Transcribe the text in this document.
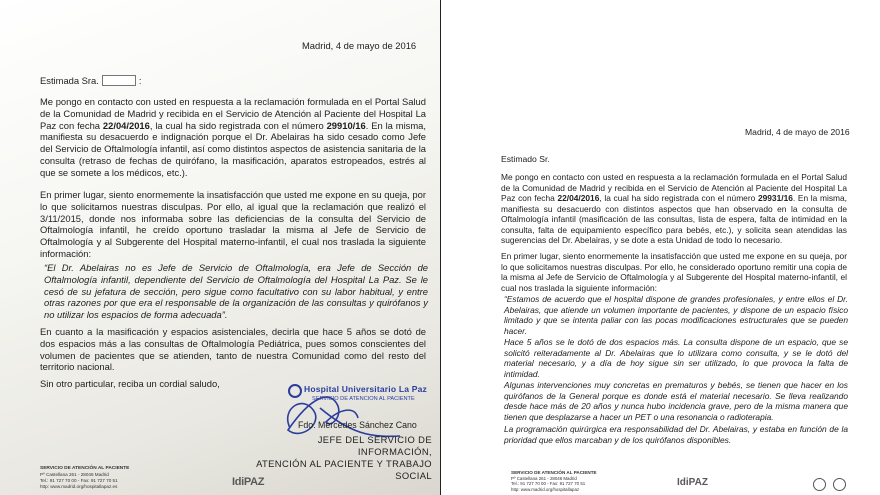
Madrid, 4 de mayo de 2016
Estimada Sra.	:
Me pongo en contacto con usted en respuesta a la reclamación formulada en el Portal Salud de la Comunidad de Madrid y recibida en el Servicio de Atención al Paciente del Hospital La Paz con fecha 22/04/2016, la cual ha sido registrada con el número 29910/16. En la misma, manifiesta su desacuerdo e indignación porque el Dr. Abelairas ha sido cesado como Jefe del Servicio de Oftalmología infantil, así como distintos aspectos de asistencia sanitaria de la consulta (retraso de fechas de quirófano, la masificación, aparatos estropeados, estrés al que se somete a los médicos, etc.).
En primer lugar, siento enormemente la insatisfacción que usted me expone en su queja, por lo que solicitamos nuestras disculpas. Por ello, al igual que la reclamación que realizó el 3/11/2015, donde nos informaba sobre las deficiencias de la consulta del Servicio de Oftalmología infantil, he creído oportuno trasladar la misma al Jefe de Servicio de Oftalmología y al Subgerente del Hospital materno-infantil, el cual nos traslada la siguiente información:
“El Dr. Abelairas no es Jefe de Servicio de Oftalmología, era Jefe de Sección de Oftalmología infantil, dependiente del Servicio de Oftalmología del Hospital La Paz. Se le cesó de su jefatura de sección, pero sigue como facultativo con su labor habitual, y entre otras razones por que era el responsable de la organización de las consultas y quirófanos y no utilizar los espacios de forma adecuada”.
En cuanto a la masificación y espacios asistenciales, decirla que hace 5 años se dotó de dos espacios más a las consultas de Oftalmología Pediátrica, pues somos conscientes del volumen de pacientes que se atienden, tanto de nuestra Comunidad como del resto del territorio nacional.
Sin otro particular, reciba un cordial saludo,	Hospital Universitario La Paz
SERVICIO DE ATENCION AL PACIENTE
Fdo. Mercedes Sánchez Cano
JEFE DEL SERVICIO DE INFORMACIÓN,
ATENCIÓN AL PACIENTE Y TRABAJO SOCIAL
SERVICIO DE ATENCIÓN AL PACIENTE
Pº Castellana 261 - 28046 Madrid
Tel.: 91 727 70 00 - Fax: 91 727 70 51
http: www.madrid.org/hospitallapaz.es	IdiPAZ
Madrid, 4 de mayo de 2016
Estimado Sr.
Me pongo en contacto con usted en respuesta a la reclamación formulada en el Portal Salud de la Comunidad de Madrid y recibida en el Servicio de Atención al Paciente del Hospital La Paz con fecha 22/04/2016, la cual ha sido registrada con el número 29931/16. En la misma, manifiesta su desacuerdo con distintos aspectos que han observado en la consulta de Oftalmología infantil (masificación de las consultas, lista de espera, falta de intimidad en la consulta, falta de equipamiento específico para bebés, etc.), y solicita sean atendidas las sugerencias del Dr. Abelairas, y se dote a esta Unidad de todo lo necesario.
En primer lugar, siento enormemente la insatisfacción que usted me expone en su queja, por lo que solicitamos nuestras disculpas. Por ello, he considerado oportuno remitir una copia de la misma al Jefe de Servicio de Oftalmología y al Subgerente del Hospital materno-infantil, el cual nos traslada la siguiente información:
“Estamos de acuerdo que el hospital dispone de grandes profesionales, y entre ellos el Dr. Abelairas, que atiende un volumen importante de pacientes, y dispone de un espacio físico limitado y que se intenta paliar con las pocas modificaciones estructurales que se pueden hacer.
Hace 5 años se le dotó de dos espacios más. La consulta dispone de un espacio, que se solicitó reiteradamente al Dr. Abelairas que lo utilizara como consulta, y se le dotó del material necesario, y a día de hoy sigue sin ser utilizado, lo que provoca la falta de intimidad.
Algunas intervenciones muy concretas en prematuros y bebés, se tienen que hacer en los quirófanos de la General porque es donde está el material necesario. Se lleva realizando desde hace más de 20 años y nunca hubo incidencia grave, pero de la misma manera que tienen que desplazarse a hacer un PET o una resonancia o radioterapia.
La programación quirúrgica era responsabilidad del Dr. Abelairas, y estaba en función de la prioridad que ellos marcaban y de los quirófanos disponibles.
SERVICIO DE ATENCIÓN AL PACIENTE
Pº Castellana 261 - 28046 Madrid
Tel.: 91 727 70 00 - Fax: 91 727 70 51
http: www.madrid.org/hospitallapaz
IdiPAZ
